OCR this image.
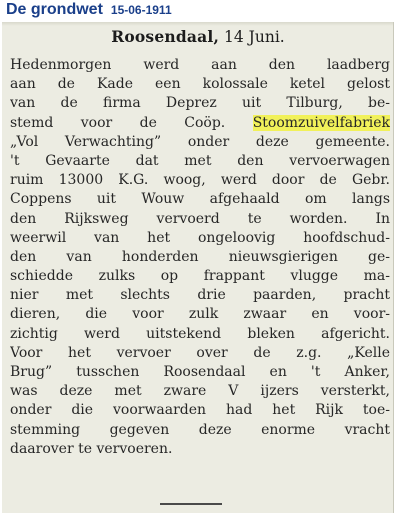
De grondwet 15-06-1911
Roosendaal, 14 Juni.
Hedenmorgen werd aan den laadberg
aan de Kade een kolossale ketel gelost
van de firma Deprez uit Tilburg, be-
stemd voor de Coöp. Stoomzuivelfabriek
„Vol Verwachting” onder deze gemeente.
't Gevaarte dat met den vervoerwagen
ruim 13000 K.G. woog, werd door de Gebr.
Coppens uit Wouw afgehaald om langs
den Rijksweg vervoerd te worden. In
weerwil van het ongeloovig hoofdschud-
den van honderden nieuwsgierigen ge-
schiedde zulks op frappant vlugge ma-
nier met slechts drie paarden, pracht
dieren, die voor zulk zwaar en voor-
zichtig werd uitstekend bleken afgericht.
Voor het vervoer over de z.g. „Kelle
Brug” tusschen Roosendaal en 't Anker,
was deze met zware V ijzers versterkt,
onder die voorwaarden had het Rijk toe-
stemming gegeven deze enorme vracht
daarover te vervoeren.
